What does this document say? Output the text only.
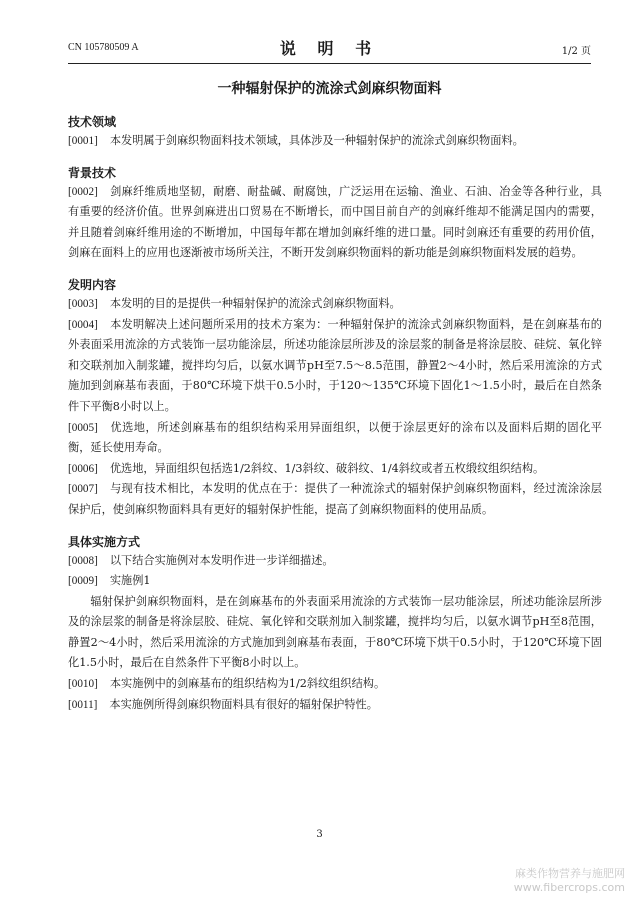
CN 105780509 A	说 明 书	1/2 页
一种辐射保护的流涂式剑麻织物面料
技术领域

[0001] 本发明属于剑麻织物面料技术领域，具体涉及一种辐射保护的流涂式剑麻织物面料。

背景技术

[0002] 剑麻纤维质地坚韧，耐磨、耐盐碱、耐腐蚀，广泛运用在运输、渔业、石油、冶金等各种行业，具有重要的经济价值。世界剑麻进出口贸易在不断增长，而中国目前自产的剑麻纤维却不能满足国内的需要，并且随着剑麻纤维用途的不断增加，中国每年都在增加剑麻纤维的进口量。同时剑麻还有重要的药用价值，剑麻在面料上的应用也逐渐被市场所关注，不断开发剑麻织物面料的新功能是剑麻织物面料发展的趋势。

发明内容

[0003] 本发明的目的是提供一种辐射保护的流涂式剑麻织物面料。

[0004] 本发明解决上述问题所采用的技术方案为：一种辐射保护的流涂式剑麻织物面料，是在剑麻基布的外表面采用流涂的方式装饰一层功能涂层，所述功能涂层所涉及的涂层浆的制备是将涂层胶、硅烷、氧化锌和交联剂加入制浆罐，搅拌均匀后，以氨水调节pH至7.5～8.5范围，静置2～4小时，然后采用流涂的方式施加到剑麻基布表面，于80℃环境下烘干0.5小时，于120～135℃环境下固化1～1.5小时，最后在自然条件下平衡8小时以上。

[0005] 优选地，所述剑麻基布的组织结构采用异面组织，以便于涂层更好的涂布以及面料后期的固化平衡，延长使用寿命。

[0006] 优选地，异面组织包括选1/2斜纹、1/3斜纹、破斜纹、1/4斜纹或者五枚缎纹组织结构。

[0007] 与现有技术相比，本发明的优点在于：提供了一种流涂式的辐射保护剑麻织物面料，经过流涂涂层保护后，使剑麻织物面料具有更好的辐射保护性能，提高了剑麻织物面料的使用品质。

具体实施方式

[0008] 以下结合实施例对本发明作进一步详细描述。

[0009] 实施例1

辐射保护剑麻织物面料，是在剑麻基布的外表面采用流涂的方式装饰一层功能涂层，所述功能涂层所涉及的涂层浆的制备是将涂层胶、硅烷、氧化锌和交联剂加入制浆罐，搅拌均匀后，以氨水调节pH至8范围，静置2～4小时，然后采用流涂的方式施加到剑麻基布表面，于80℃环境下烘干0.5小时，于120℃环境下固化1.5小时，最后在自然条件下平衡8小时以上。

[0010] 本实施例中的剑麻基布的组织结构为1/2斜纹组织结构。

[0011] 本实施例所得剑麻织物面料具有很好的辐射保护特性。

3
麻类作物营养与施肥网
www.fibercrops.com
